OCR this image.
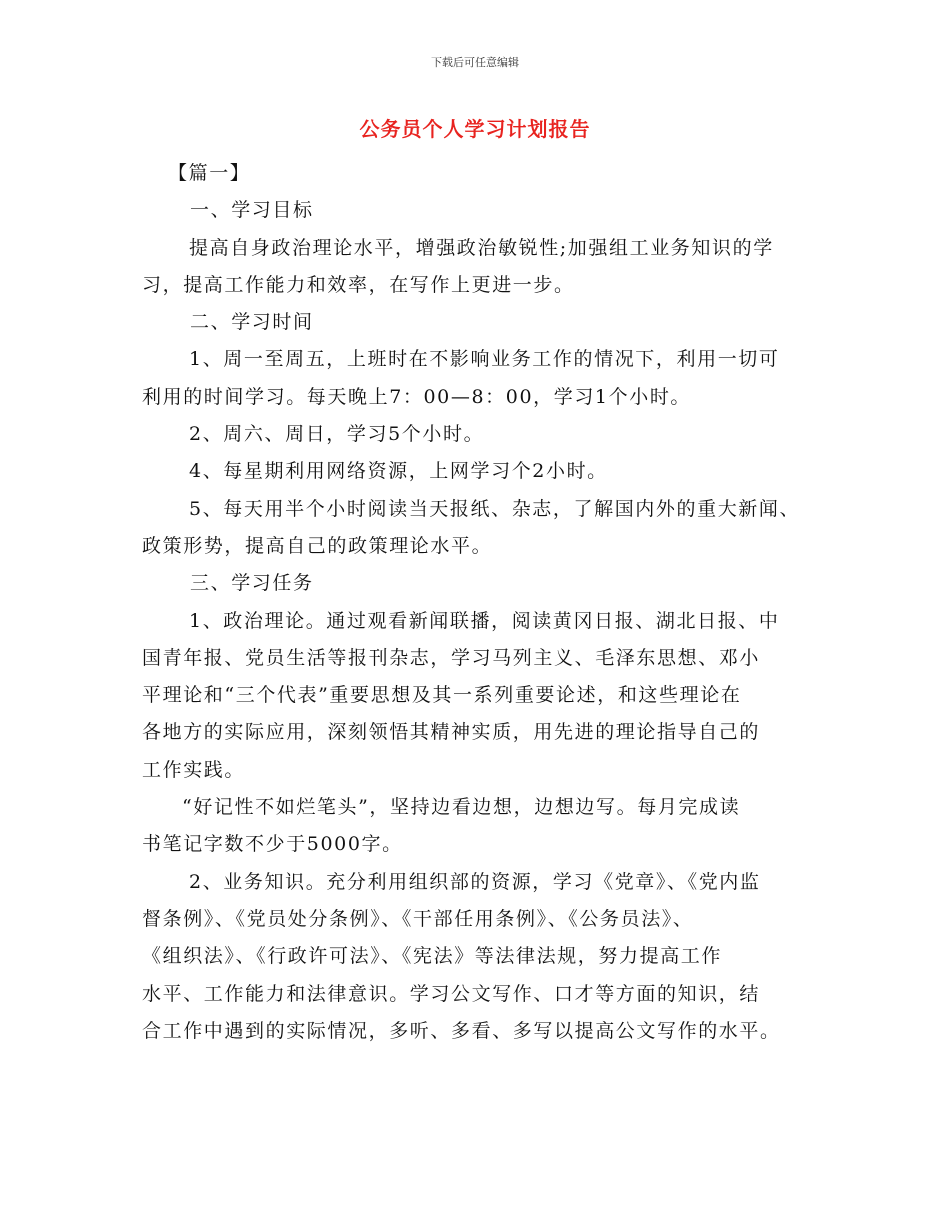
下载后可任意编辑
公务员个人学习计划报告

【篇一】

一、学习目标

提高自身政治理论水平，增强政治敏锐性;加强组工业务知识的学

习，提高工作能力和效率，在写作上更进一步。

二、学习时间

1、周一至周五，上班时在不影响业务工作的情况下，利用一切可

利用的时间学习。每天晚上7：00—8：00，学习1个小时。

2、周六、周日，学习5个小时。

4、每星期利用网络资源，上网学习个2小时。

5、每天用半个小时阅读当天报纸、杂志，了解国内外的重大新闻、

政策形势，提高自己的政策理论水平。

三、学习任务

1、政治理论。通过观看新闻联播，阅读黄冈日报、湖北日报、中

国青年报、党员生活等报刊杂志，学习马列主义、毛泽东思想、邓小

平理论和“三个代表”重要思想及其一系列重要论述，和这些理论在

各地方的实际应用，深刻领悟其精神实质，用先进的理论指导自己的

工作实践。

“好记性不如烂笔头”，坚持边看边想，边想边写。每月完成读

书笔记字数不少于5000字。

2、业务知识。充分利用组织部的资源，学习《党章》、《党内监

督条例》、《党员处分条例》、《干部任用条例》、《公务员法》、

《组织法》、《行政许可法》、《宪法》等法律法规，努力提高工作

水平、工作能力和法律意识。学习公文写作、口才等方面的知识，结

合工作中遇到的实际情况，多听、多看、多写以提高公文写作的水平。
